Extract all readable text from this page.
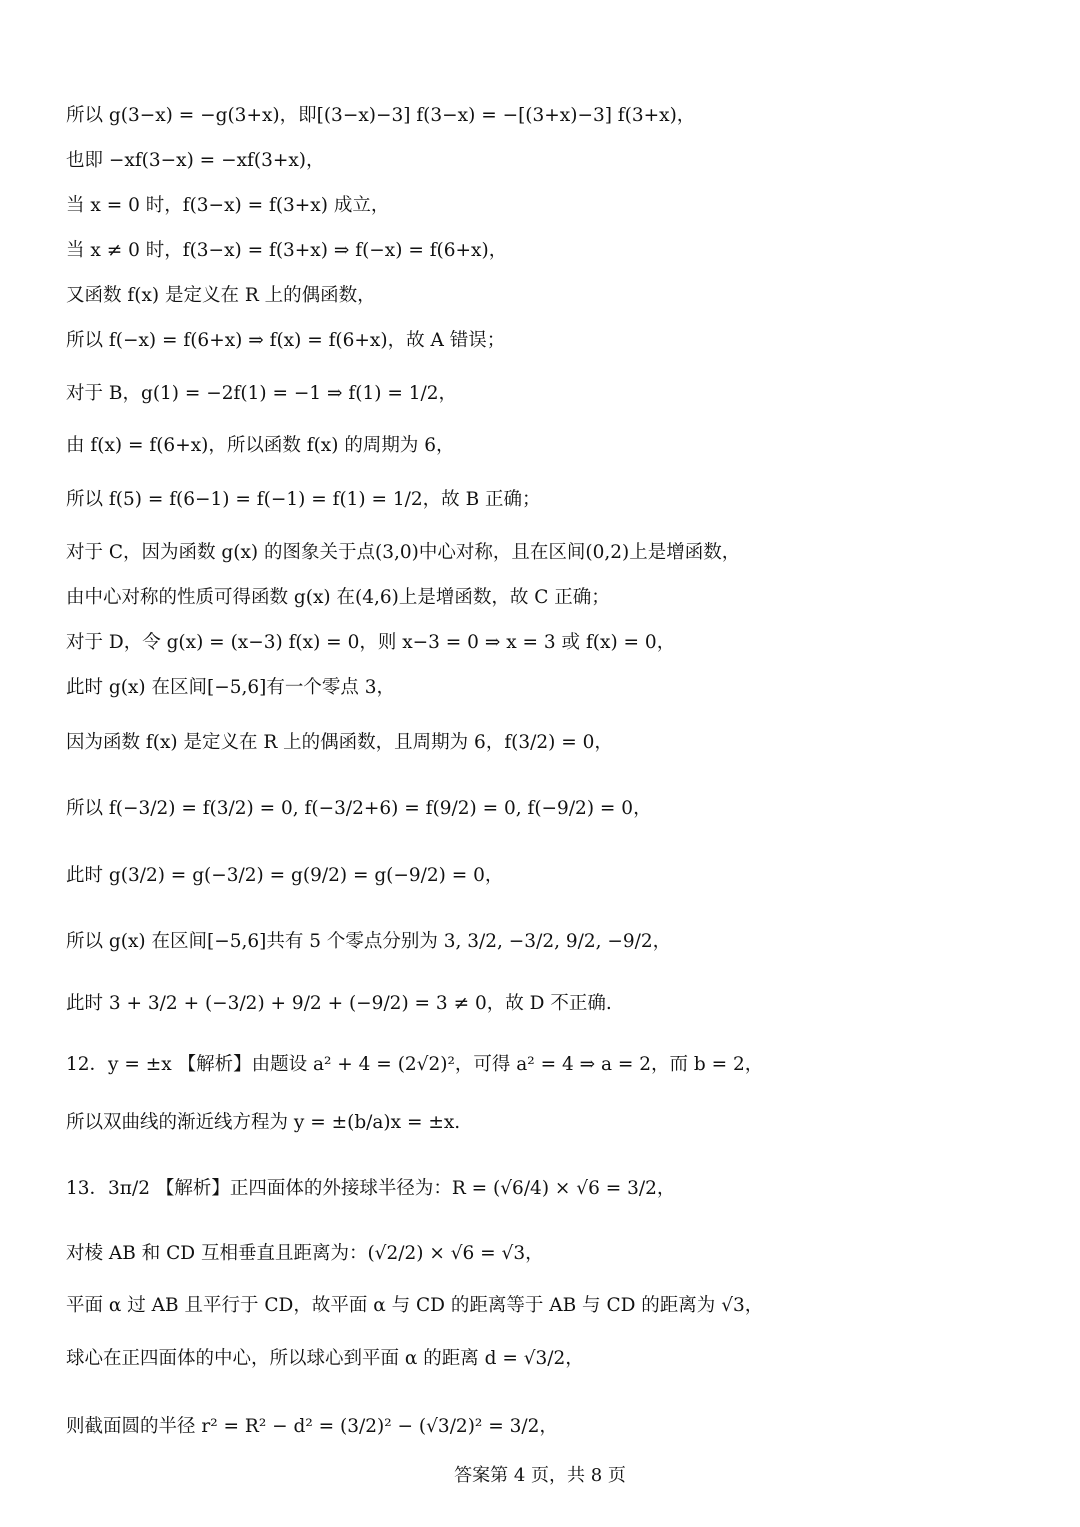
所以 g(3−x) = −g(3+x)，即[(3−x)−3] f(3−x) = −[(3+x)−3] f(3+x)，
也即 −xf(3−x) = −xf(3+x)，
当 x = 0 时，f(3−x) = f(3+x) 成立，
当 x ≠ 0 时，f(3−x) = f(3+x) ⇒ f(−x) = f(6+x)，
又函数 f(x) 是定义在 R 上的偶函数，
所以 f(−x) = f(6+x) ⇒ f(x) = f(6+x)，故 A 错误；
对于 B，g(1) = −2f(1) = −1 ⇒ f(1) = 1/2，
由 f(x) = f(6+x)，所以函数 f(x) 的周期为 6，
所以 f(5) = f(6−1) = f(−1) = f(1) = 1/2，故 B 正确；
对于 C，因为函数 g(x) 的图象关于点(3,0)中心对称，且在区间(0,2)上是增函数，
由中心对称的性质可得函数 g(x) 在(4,6)上是增函数，故 C 正确；
对于 D，令 g(x) = (x−3) f(x) = 0，则 x−3 = 0 ⇒ x = 3 或 f(x) = 0，
此时 g(x) 在区间[−5,6]有一个零点 3，
因为函数 f(x) 是定义在 R 上的偶函数，且周期为 6，f(3/2) = 0，
所以 f(−3/2) = f(3/2) = 0, f(−3/2+6) = f(9/2) = 0, f(−9/2) = 0，
此时 g(3/2) = g(−3/2) = g(9/2) = g(−9/2) = 0，
所以 g(x) 在区间[−5,6]共有 5 个零点分别为 3, 3/2, −3/2, 9/2, −9/2，
此时 3 + 3/2 + (−3/2) + 9/2 + (−9/2) = 3 ≠ 0，故 D 不正确.
12．y = ±x 【解析】由题设 a² + 4 = (2√2)²，可得 a² = 4 ⇒ a = 2，而 b = 2，
所以双曲线的渐近线方程为 y = ±(b/a)x = ±x.
13．3π/2 【解析】正四面体的外接球半径为：R = (√6/4) × √6 = 3/2，
对棱 AB 和 CD 互相垂直且距离为：(√2/2) × √6 = √3，
平面 α 过 AB 且平行于 CD，故平面 α 与 CD 的距离等于 AB 与 CD 的距离为 √3，
球心在正四面体的中心，所以球心到平面 α 的距离 d = √3/2，
则截面圆的半径 r² = R² − d² = (3/2)² − (√3/2)² = 3/2，
答案第 4 页，共 8 页
